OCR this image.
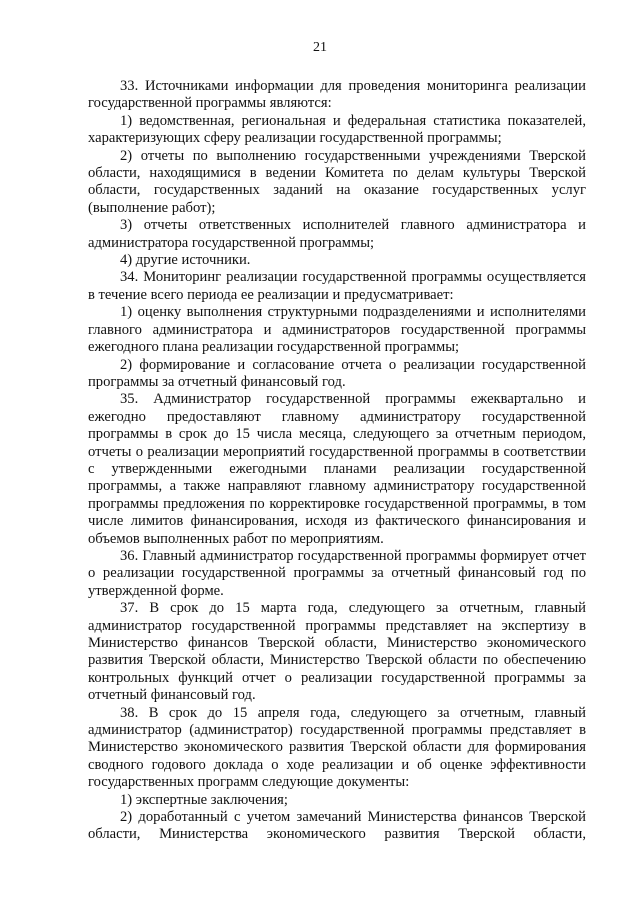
21

33. Источниками информации для проведения мониторинга реализации государственной программы являются:

1) ведомственная, региональная и федеральная статистика показателей, характеризующих сферу реализации государственной программы;

2) отчеты по выполнению государственными учреждениями Тверской области, находящимися в ведении Комитета по делам культуры Тверской области, государственных заданий на оказание государственных услуг (выполнение работ);

3) отчеты ответственных исполнителей главного администратора и администратора государственной программы;

4) другие источники.

34. Мониторинг реализации государственной программы осуществляется в течение всего периода ее реализации и предусматривает:

1) оценку выполнения структурными подразделениями и исполнителями главного администратора и администраторов государственной программы ежегодного плана реализации государственной программы;

2) формирование и согласование отчета о реализации государственной программы за отчетный финансовый год.

35. Администратор государственной программы ежеквартально и ежегодно предоставляют главному администратору государственной программы в срок до 15 числа месяца, следующего за отчетным периодом, отчеты о реализации мероприятий государственной программы в соответствии с утвержденными ежегодными планами реализации государственной программы, а также направляют главному администратору государственной программы предложения по корректировке государственной программы, в том числе лимитов финансирования, исходя из фактического финансирования и объемов выполненных работ по мероприятиям.

36. Главный администратор государственной программы формирует отчет о реализации государственной программы за отчетный финансовый год по утвержденной форме.

37. В срок до 15 марта года, следующего за отчетным, главный администратор государственной программы представляет на экспертизу в Министерство финансов Тверской области, Министерство экономического развития Тверской области, Министерство Тверской области по обеспечению контрольных функций отчет о реализации государственной программы за отчетный финансовый год.

38. В срок до 15 апреля года, следующего за отчетным, главный администратор (администратор) государственной программы представляет в Министерство экономического развития Тверской области для формирования сводного годового доклада о ходе реализации и об оценке эффективности государственных программ следующие документы:

1) экспертные заключения;

2) доработанный с учетом замечаний Министерства финансов Тверской области, Министерства экономического развития Тверской области,
